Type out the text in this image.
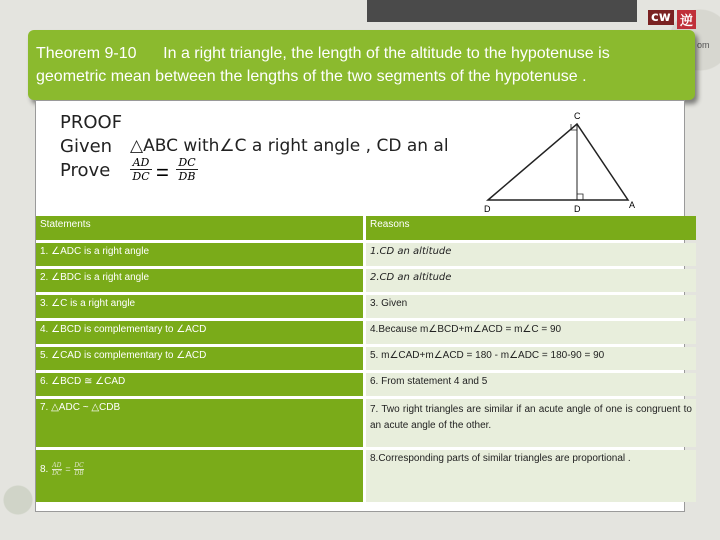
cw 逆
om
Theorem 9-10 In a right triangle, the length of the altitude to the hypotenuse is
geometric mean between the lengths of the two segments of the hypotenuse .
PROOF
Given △ABC with∠C a right angle , CD an al
Prove $\frac{AD}{DC} = \frac{DC}{DB}$
C
D	D	A
Statements	Reasons
1. ∠ADC is a right angle	1.CD an altitude
2. ∠BDC is a right angle	2.CD an altitude
3. ∠C is a right angle	3. Given
4. ∠BCD is complementary to ∠ACD	4.Because m∠BCD+m∠ACD = m∠C = 90
5. ∠CAD is complementary to ∠ACD	5. m∠CAD+m∠ACD = 180 - m∠ADC = 180-90 = 90
6. ∠BCD ≅ ∠CAD	6. From statement 4 and 5
7. △ADC ~ △CDB	7. Two right triangles are similar if an acute angle of one is congruent to an acute angle of the other.
8. $\frac{AD}{DC} = \frac{DC}{DB}$	8.Corresponding parts of similar triangles are proportional .
